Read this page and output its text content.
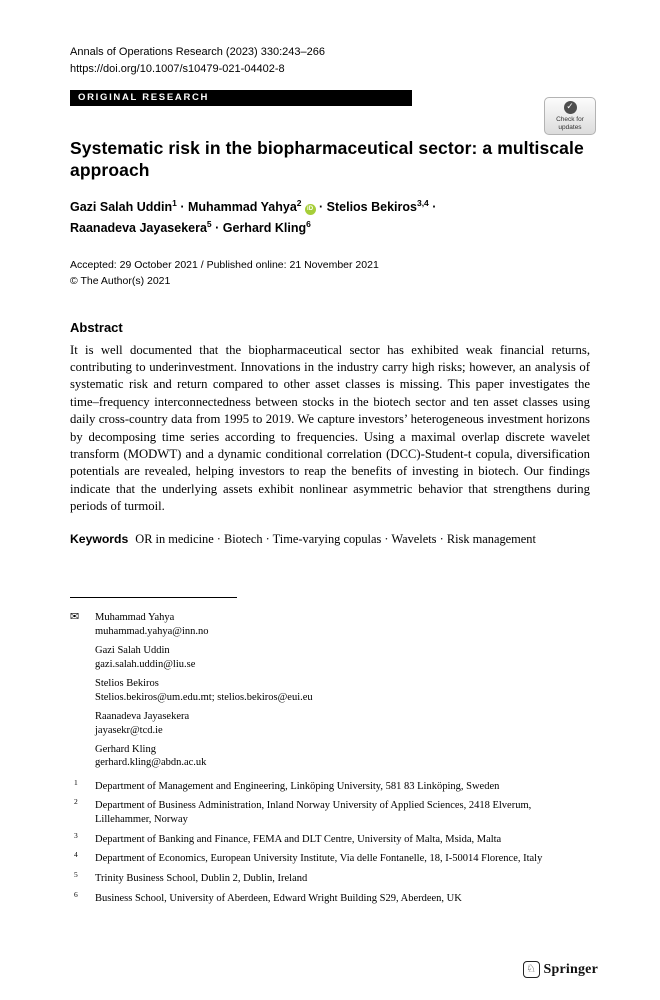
Annals of Operations Research (2023) 330:243–266
https://doi.org/10.1007/s10479-021-04402-8
ORIGINAL RESEARCH
✓
Check for updates
Systematic risk in the biopharmaceutical sector: a multiscale approach
Gazi Salah Uddin$^1$ · Muhammad Yahya$^2$iD · Stelios Bekiros$^{3,4}$ ·
Raanadeva Jayasekera$^5$ · Gerhard Kling$^6$
Accepted: 29 October 2021 / Published online: 21 November 2021
© The Author(s) 2021
Abstract

It is well documented that the biopharmaceutical sector has exhibited weak financial returns, contributing to underinvestment. Innovations in the industry carry high risks; however, an analysis of systematic risk and return compared to other asset classes is missing. This paper investigates the time–frequency interconnectedness between stocks in the biotech sector and ten asset classes using daily cross-country data from 1995 to 2019. We capture investors’ heterogeneous investment horizons by decomposing time series according to frequencies. Using a maximal overlap discrete wavelet transform (MODWT) and a dynamic conditional correlation (DCC)-Student-t copula, diversification potentials are revealed, helping investors to reap the benefits of investing in biotech. Our findings indicate that the underlying assets exhibit nonlinear asymmetric behavior that strengthens during periods of turmoil.

Keywords OR in medicine · Biotech · Time-varying copulas · Wavelets · Risk management

✉ Muhammad Yahya
muhammad.yahya@inn.no
Gazi Salah Uddin
gazi.salah.uddin@liu.se
Stelios Bekiros
Stelios.bekiros@um.edu.mt; stelios.bekiros@eui.eu
Raanadeva Jayasekera
jayasekr@tcd.ie
Gerhard Kling
gerhard.kling@abdn.ac.uk
1 Department of Management and Engineering, Linköping University, 581 83 Linköping, Sweden
2 Department of Business Administration, Inland Norway University of Applied Sciences, 2418 Elverum, Lillehammer, Norway
3 Department of Banking and Finance, FEMA and DLT Centre, University of Malta, Msida, Malta
4 Department of Economics, European University Institute, Via delle Fontanelle, 18, I-50014 Florence, Italy
5 Trinity Business School, Dublin 2, Dublin, Ireland
6 Business School, University of Aberdeen, Edward Wright Building S29, Aberdeen, UK
♘ Springer
